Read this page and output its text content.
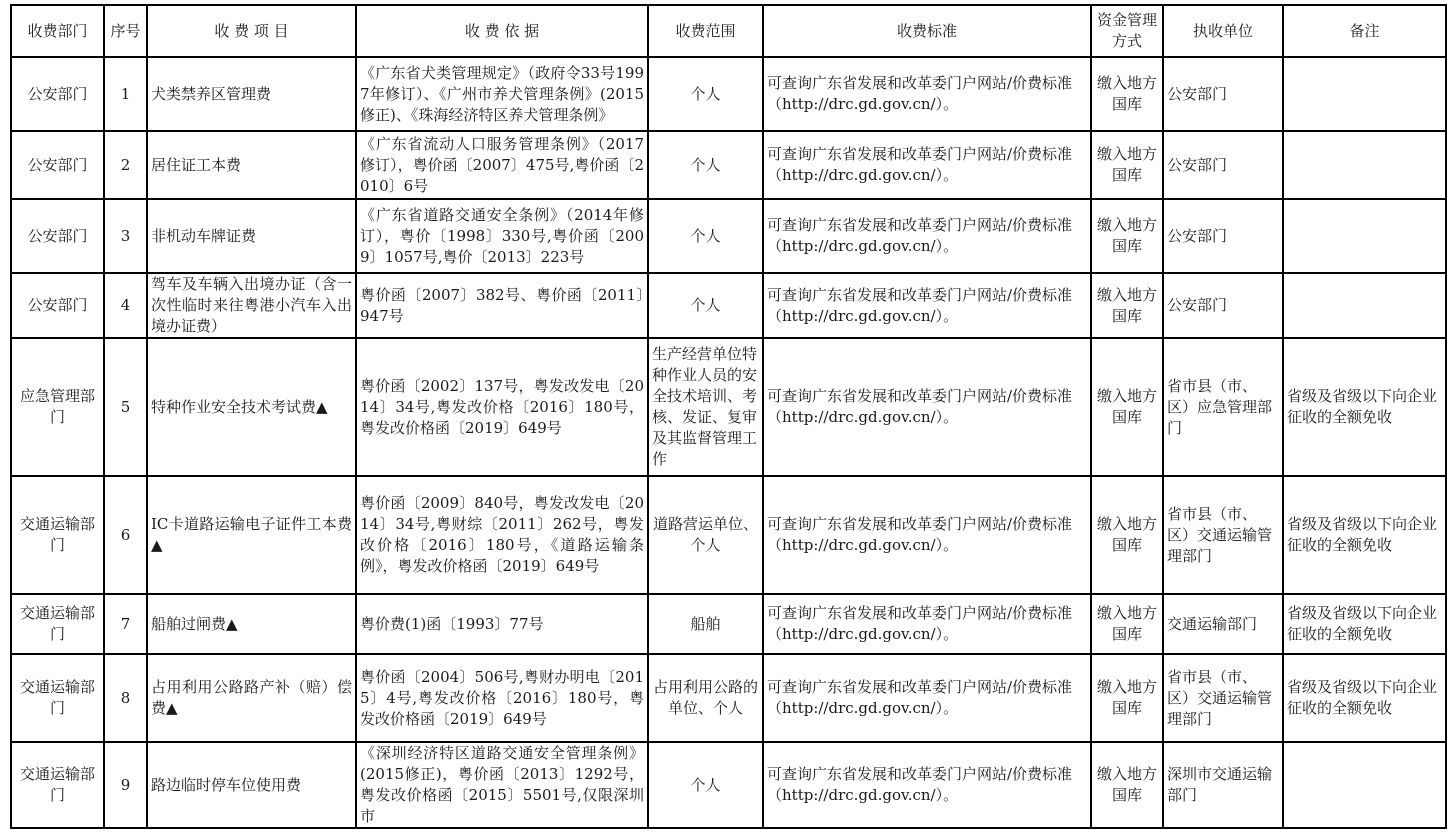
收费部门	序号	收 费 项 目	收 费 依 据	收费范围	收费标准	资金管理方式	执收单位	备注
公安部门	1	犬类禁养区管理费	《广东省犬类管理规定》（政府令33号1997年修订）、《广州市养犬管理条例》(2015修正)、《珠海经济特区养犬管理条例》	个人	可查询广东省发展和改革委门户网站/价费标准（http://drc.gd.gov.cn/）。	缴入地方国库	公安部门	
公安部门	2	居住证工本费	《广东省流动人口服务管理条例》（2017修订），粤价函〔2007〕475号,粤价函〔2010〕6号	个人	可查询广东省发展和改革委门户网站/价费标准（http://drc.gd.gov.cn/）。	缴入地方国库	公安部门	
公安部门	3	非机动车牌证费	《广东省道路交通安全条例》（2014年修订），粤价〔1998〕330号,粤价函〔2009〕1057号,粤价〔2013〕223号	个人	可查询广东省发展和改革委门户网站/价费标准（http://drc.gd.gov.cn/）。	缴入地方国库	公安部门	
公安部门	4	驾车及车辆入出境办证（含一次性临时来往粤港小汽车入出境办证费）	粤价函〔2007〕382号、粤价函〔2011〕947号	个人	可查询广东省发展和改革委门户网站/价费标准（http://drc.gd.gov.cn/）。	缴入地方国库	公安部门	
应急管理部门	5	特种作业安全技术考试费▲	粤价函〔2002〕137号，粤发改发电〔2014〕34号,粤发改价格〔2016〕180号，粤发改价格函〔2019〕649号	生产经营单位特种作业人员的安全技术培训、考核、发证、复审及其监督管理工作	可查询广东省发展和改革委门户网站/价费标准（http://drc.gd.gov.cn/）。	缴入地方国库	省市县（市、区）应急管理部门	省级及省级以下向企业征收的全额免收
交通运输部门	6	IC卡道路运输电子证件工本费▲	粤价函〔2009〕840号，粤发改发电〔2014〕34号,粤财综〔2011〕262号，粤发改价格〔2016〕180号，《道路运输条例》，粤发改价格函〔2019〕649号	道路营运单位、个人	可查询广东省发展和改革委门户网站/价费标准（http://drc.gd.gov.cn/）。	缴入地方国库	省市县（市、区）交通运输管理部门	省级及省级以下向企业征收的全额免收
交通运输部门	7	船舶过闸费▲	粤价费(1)函〔1993〕77号	船舶	可查询广东省发展和改革委门户网站/价费标准（http://drc.gd.gov.cn/）。	缴入地方国库	交通运输部门	省级及省级以下向企业征收的全额免收
交通运输部门	8	占用利用公路路产补（赔）偿费▲	粤价函〔2004〕506号,粤财办明电〔2015〕4号,粤发改价格〔2016〕180号，粤发改价格函〔2019〕649号	占用利用公路的单位、个人	可查询广东省发展和改革委门户网站/价费标准（http://drc.gd.gov.cn/）。	缴入地方国库	省市县（市、区）交通运输管理部门	省级及省级以下向企业征收的全额免收
交通运输部门	9	路边临时停车位使用费	《深圳经济特区道路交通安全管理条例》(2015修正)，粤价函〔2013〕1292号，粤发改价格函〔2015〕5501号,仅限深圳市	个人	可查询广东省发展和改革委门户网站/价费标准（http://drc.gd.gov.cn/）。	缴入地方国库	深圳市交通运输部门	
